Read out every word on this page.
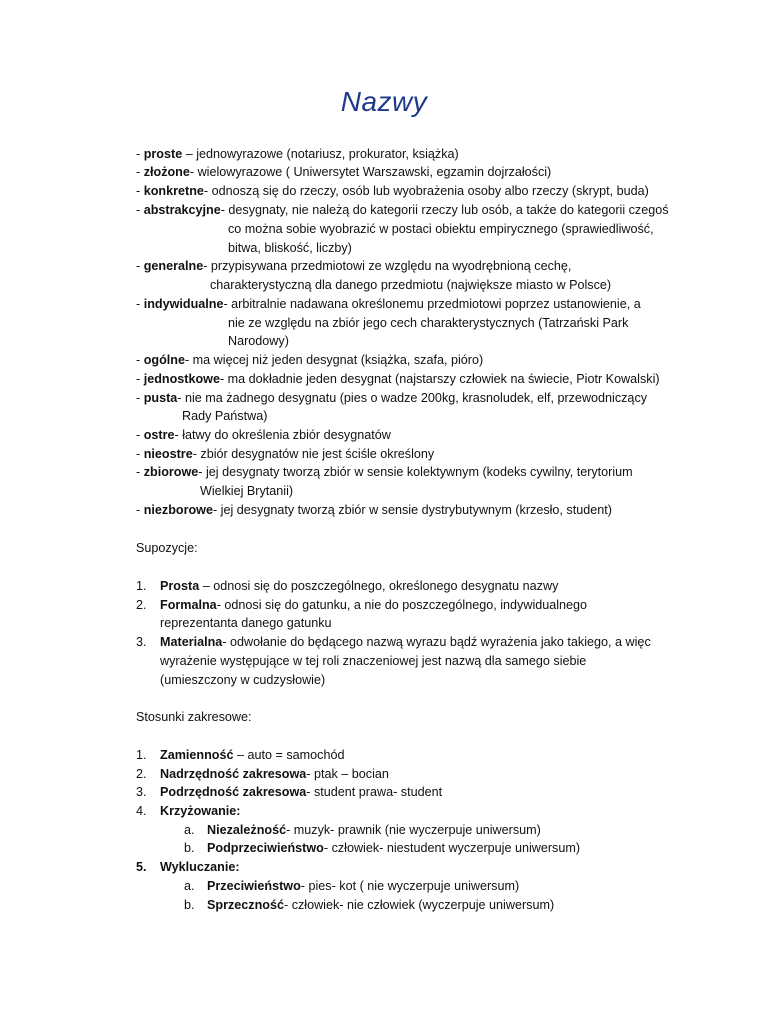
Nazwy
- proste – jednowyrazowe (notariusz, prokurator, książka)
- złożone- wielowyrazowe ( Uniwersytet Warszawski, egzamin dojrzałości)
- konkretne- odnoszą się do rzeczy, osób lub wyobrażenia osoby albo rzeczy (skrypt, buda)
- abstrakcyjne- desygnaty, nie należą do kategorii rzeczy lub osób, a także do kategorii czegoś
co można sobie wyobrazić w postaci obiektu empirycznego (sprawiedliwość,
bitwa, bliskość, liczby)
- generalne- przypisywana przedmiotowi ze względu na wyodrębnioną cechę,
charakterystyczną dla danego przedmiotu (największe miasto w Polsce)
- indywidualne- arbitralnie nadawana określonemu przedmiotowi poprzez ustanowienie, a
nie ze względu na zbiór jego cech charakterystycznych (Tatrzański Park
Narodowy)
- ogólne- ma więcej niż jeden desygnat (książka, szafa, pióro)
- jednostkowe- ma dokładnie jeden desygnat (najstarszy człowiek na świecie, Piotr Kowalski)
- pusta- nie ma żadnego desygnatu (pies o wadze 200kg, krasnoludek, elf, przewodniczący
Rady Państwa)
- ostre- łatwy do określenia zbiór desygnatów
- nieostre- zbiór desygnatów nie jest ściśle określony
- zbiorowe- jej desygnaty tworzą zbiór w sensie kolektywnym (kodeks cywilny, terytorium
Wielkiej Brytanii)
- niezborowe- jej desygnaty tworzą zbiór w sensie dystrybutywnym (krzesło, student)
Supozycje:
1. Prosta – odnosi się do poszczególnego, określonego desygnatu nazwy
2. Formalna- odnosi się do gatunku, a nie do poszczególnego, indywidualnego
reprezentanta danego gatunku
3. Materialna- odwołanie do będącego nazwą wyrazu bądź wyrażenia jako takiego, a więc
wyrażenie występujące w tej roli znaczeniowej jest nazwą dla samego siebie
(umieszczony w cudzysłowie)
Stosunki zakresowe:
1. Zamienność – auto = samochód
2. Nadrzędność zakresowa- ptak – bocian
3. Podrzędność zakresowa- student prawa- student
4. Krzyżowanie:
a. Niezależność- muzyk- prawnik (nie wyczerpuje uniwersum)
b. Podprzeciwieństwo- człowiek- niestudent wyczerpuje uniwersum)
5. Wykluczanie:
a. Przeciwieństwo- pies- kot ( nie wyczerpuje uniwersum)
b. Sprzeczność- człowiek- nie człowiek (wyczerpuje uniwersum)
